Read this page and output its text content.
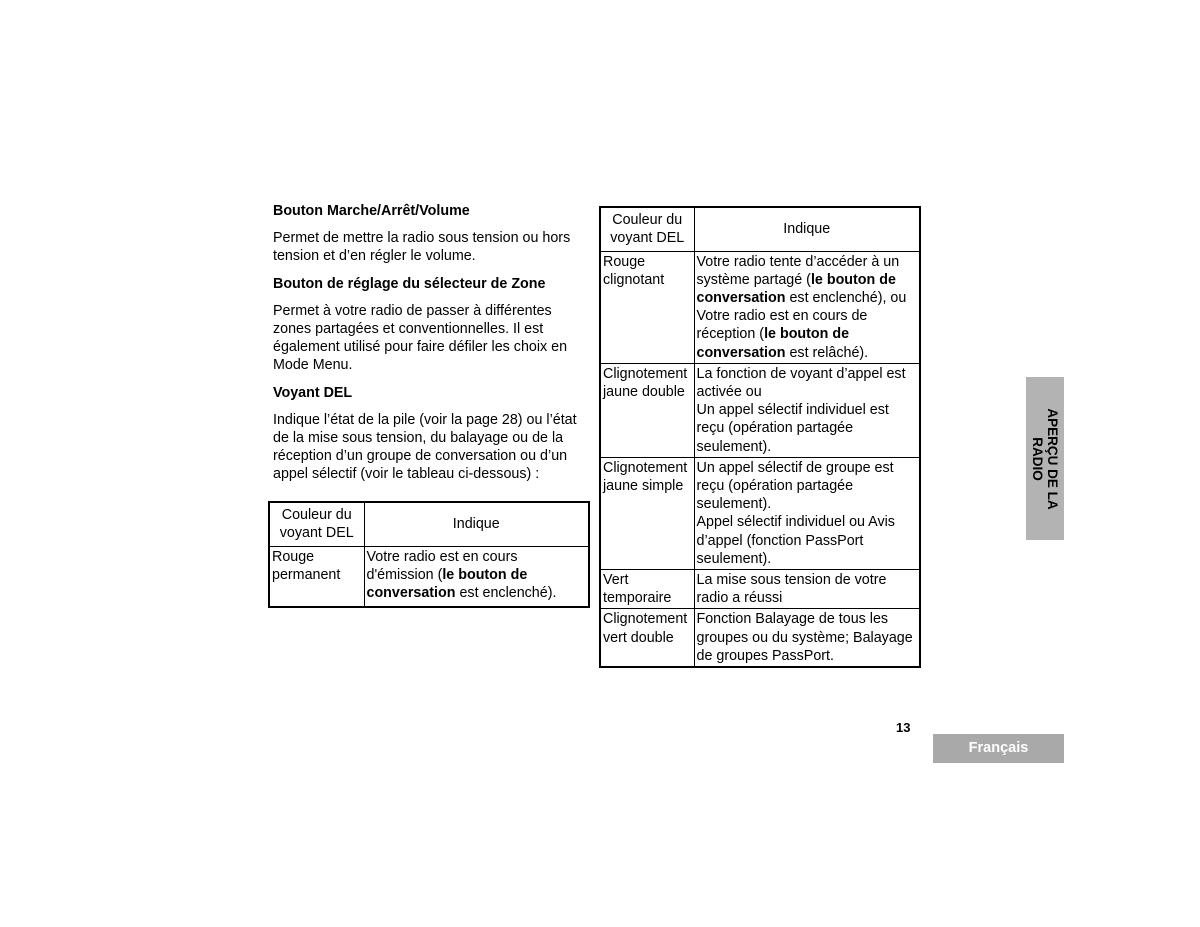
Bouton Marche/Arrêt/Volume

Permet de mettre la radio sous tension ou hors tension et d’en régler le volume.

Bouton de réglage du sélecteur de Zone

Permet à votre radio de passer à différentes zones partagées et conventionnelles. Il est également utilisé pour faire défiler les choix en Mode Menu.

Voyant DEL

Indique l’état de la pile (voir la page 28) ou l’état de la mise sous tension, du balayage ou de la réception d’un groupe de conversation ou d’un appel sélectif (voir le tableau ci-dessous) :

Couleur du voyant DEL	Indique
Rouge permanent	Votre radio est en cours d'émission (le bouton de conversation est enclenché).
Couleur du voyant DEL	Indique
Rouge clignotant	Votre radio tente d’accéder à un système partagé (le bouton de conversation est enclenché), ou Votre radio est en cours de réception (le bouton de conversation est relâché).
Clignotement jaune double	La fonction de voyant d’appel est activée ou
Un appel sélectif individuel est reçu (opération partagée seulement).

Clignotement jaune simple	Un appel sélectif de groupe est reçu (opération partagée seulement).
Appel sélectif individuel ou Avis d’appel (fonction PassPort seulement).

Vert temporaire	La mise sous tension de votre radio a réussi
Clignotement vert double	Fonction Balayage de tous les groupes ou du système; Balayage de groupes PassPort.
13
Français
APERÇU DE LA
RADIO
